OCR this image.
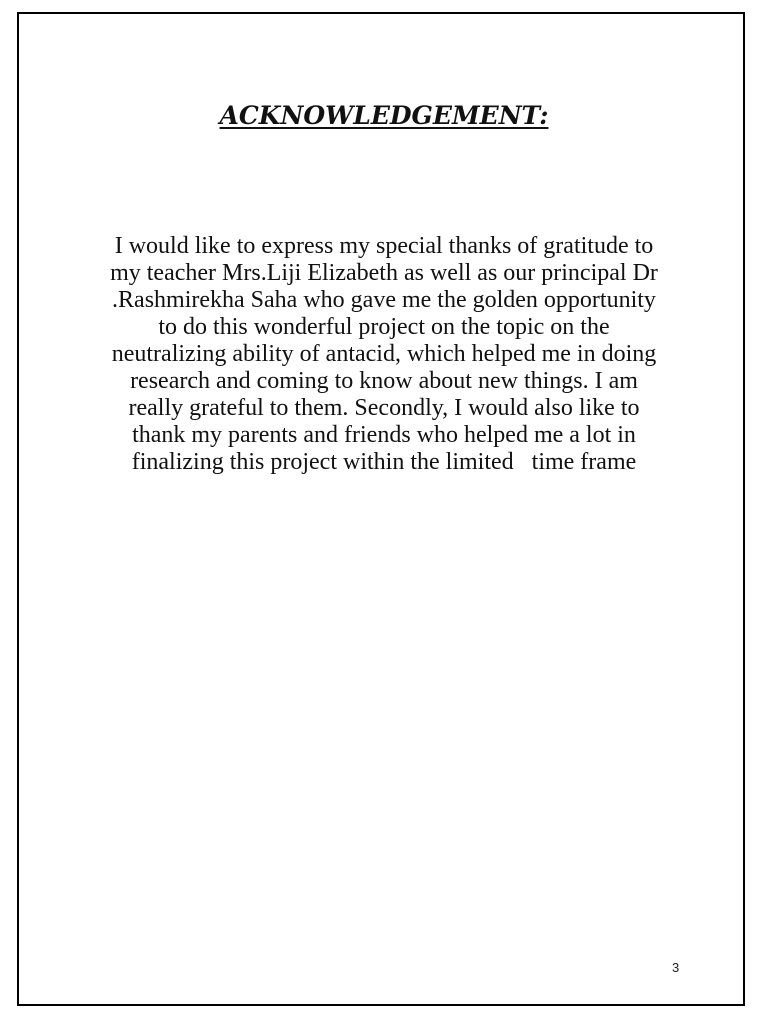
ACKNOWLEDGEMENT:

I would like to express my special thanks of gratitude to
my teacher Mrs.Liji Elizabeth as well as our principal Dr
.Rashmirekha Saha who gave me the golden opportunity
to do this wonderful project on the topic on the
neutralizing ability of antacid, which helped me in doing
research and coming to know about new things. I am
really grateful to them. Secondly, I would also like to
thank my parents and friends who helped me a lot in
finalizing this project within the limited   time frame

3
